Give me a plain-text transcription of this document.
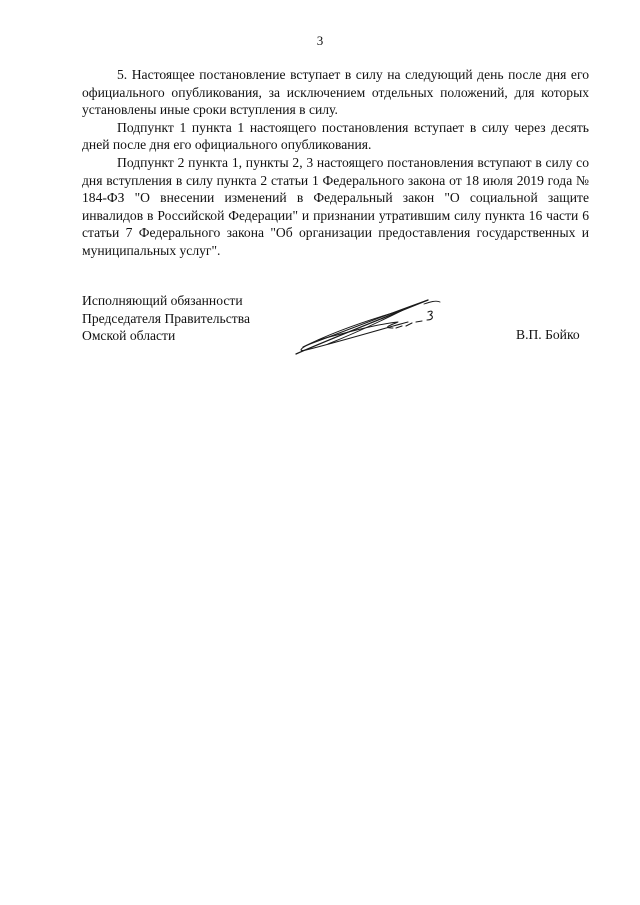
3

5. Настоящее постановление вступает в силу на следующий день после дня его официального опубликования, за исключением отдельных положений, для которых установлены иные сроки вступления в силу.

Подпункт 1 пункта 1 настоящего постановления вступает в силу через десять дней после дня его официального опубликования.

Подпункт 2 пункта 1, пункты 2, 3 настоящего постановления вступают в силу со дня вступления в силу пункта 2 статьи 1 Федерального закона от 18 июля 2019 года № 184-ФЗ "О внесении изменений в Федеральный закон "О социальной защите инвалидов в Российской Федерации" и признании утратившим силу пункта 16 части 6 статьи 7 Федерального закона "Об организации предоставления государственных и муниципальных услуг".

Исполняющий обязанности
Председателя Правительства
Омской области	В.П. Бойко
